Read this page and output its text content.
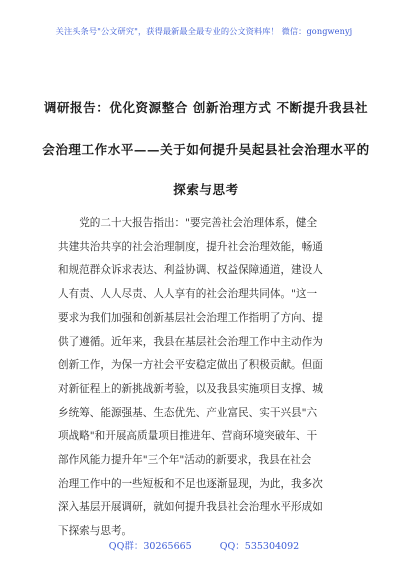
关注头条号"公文研究"，获得最新最全最专业的公文资料库！ 微信：gongwenyj
调研报告：优化资源整合 创新治理方式 不断提升我县社
会治理工作水平——关于如何提升吴起县社会治理水平的
探索与思考
党的二十大报告指出："要完善社会治理体系，健全
共建共治共享的社会治理制度，提升社会治理效能，畅通
和规范群众诉求表达、利益协调、权益保障通道，建设人
人有责、人人尽责、人人享有的社会治理共同体。"这一
要求为我们加强和创新基层社会治理工作指明了方向、提
供了遵循。近年来，我县在基层社会治理工作中主动作为
创新工作，为保一方社会平安稳定做出了积极贡献。但面
对新征程上的新挑战新考验，以及我县实施项目支撑、城
乡统筹、能源强基、生态优先、产业富民、实干兴县"六
项战略"和开展高质量项目推进年、营商环境突破年、干
部作风能力提升年"三个年"活动的新要求，我县在社会
治理工作中的一些短板和不足也逐渐显现，为此，我多次
深入基层开展调研，就如何提升我县社会治理水平形成如
下探索与思考。
QQ群：30265665	QQ：535304092
